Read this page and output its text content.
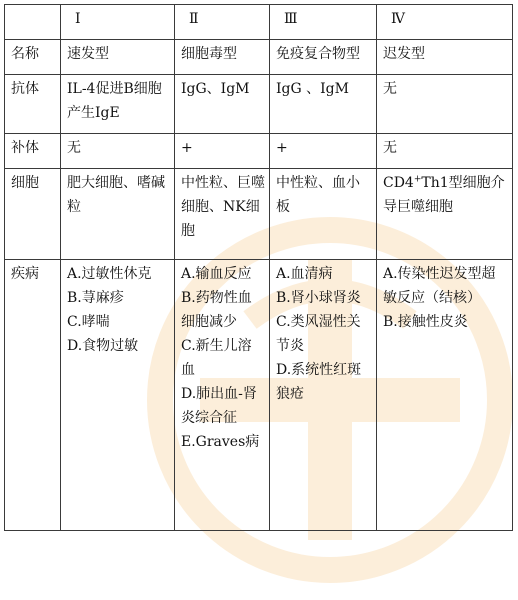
	Ⅰ	Ⅱ	Ⅲ	Ⅳ
名称	速发型	细胞毒型	免疫复合物型	迟发型
抗体	IL-4促进B细胞产生IgE	IgG、IgM	IgG 、IgM	无
补体	无	+	+	无
细胞	肥大细胞、嗜碱粒	中性粒、巨噬细胞、NK细胞	中性粒、血小板	CD4+Th1型细胞介导巨噬细胞
疾病	A.过敏性休克
B.荨麻疹
C.哮喘
D.食物过敏	A.输血反应
B.药物性血细胞减少
C.新生儿溶血
D.肺出血-肾炎综合征
E.Graves病	A.血清病
B.肾小球肾炎
C.类风湿性关节炎
D.系统性红斑狼疮	A.传染性迟发型超敏反应（结核）
B.接触性皮炎
